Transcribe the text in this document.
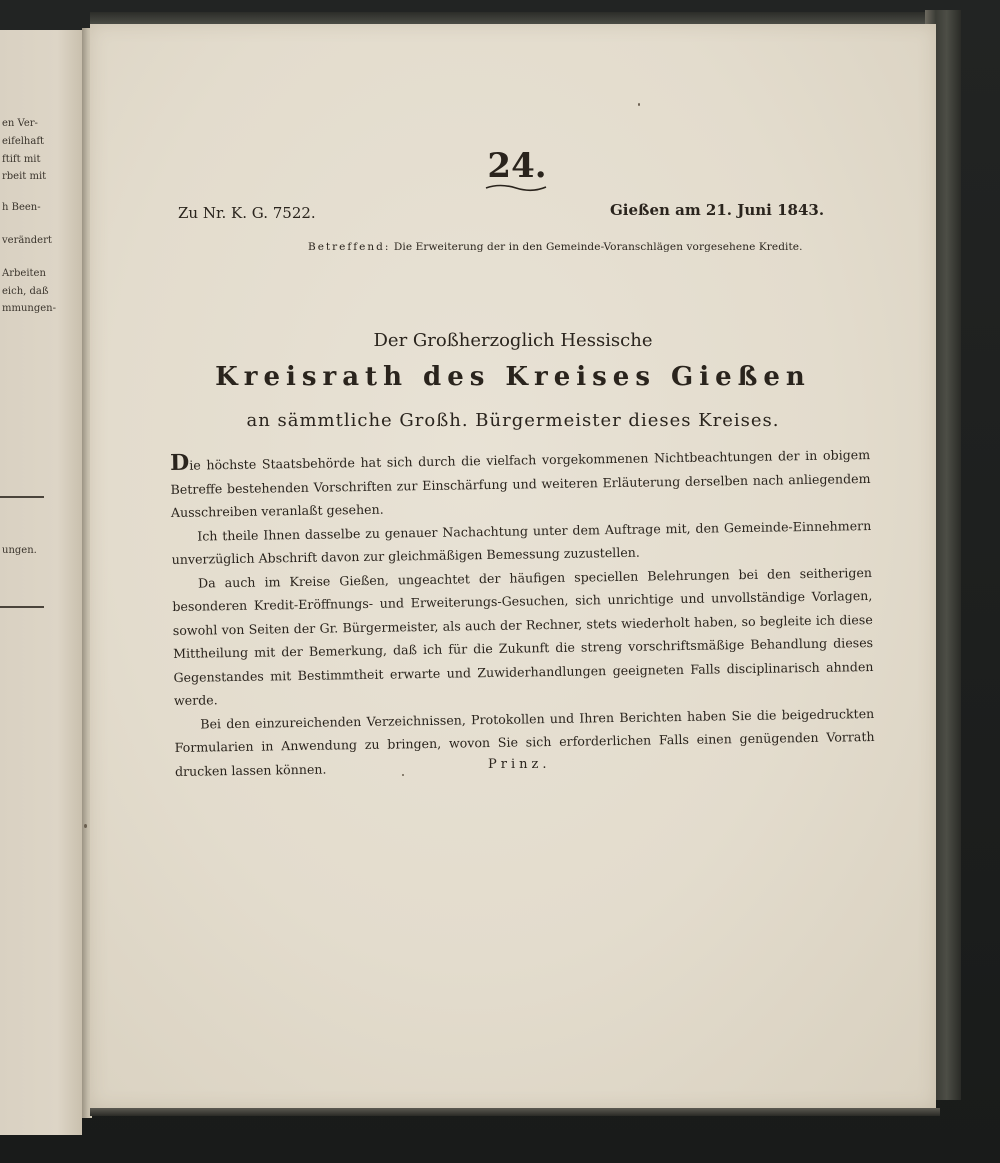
en Ver-
eifelhaft
ftift mit
rbeit mit
h Been-
verändert
Arbeiten
eich, daß
mmungen-
ungen.
24.
Zu Nr. K. G. 7522.	Gießen am 21. Juni 1843.
Betreffend: Die Erweiterung der in den Gemeinde-Voranschlägen vorgesehene Kredite.
Der Großherzoglich Hessische
Kreisrath des Kreises Gießen
an sämmtliche Großh. Bürgermeister dieses Kreises.

Die höchste Staatsbehörde hat sich durch die vielfach vorgekommenen Nichtbeachtungen der in obigem Betreffe bestehenden Vorschriften zur Einschärfung und weiteren Erläuterung derselben nach anliegendem Ausschreiben veranlaßt gesehen.

Ich theile Ihnen dasselbe zu genauer Nachachtung unter dem Auftrage mit, den Gemeinde-Einnehmern unverzüglich Abschrift davon zur gleichmäßigen Bemessung zuzustellen.

Da auch im Kreise Gießen, ungeachtet der häufigen speciellen Belehrungen bei den seitherigen besonderen Kredit-Eröffnungs- und Erweiterungs-Gesuchen, sich unrichtige und unvollständige Vorlagen, sowohl von Seiten der Gr. Bürgermeister, als auch der Rechner, stets wiederholt haben, so begleite ich diese Mittheilung mit der Bemerkung, daß ich für die Zukunft die streng vorschriftsmäßige Behandlung dieses Gegenstandes mit Bestimmtheit erwarte und Zuwiderhandlungen geeigneten Falls disciplinarisch ahnden werde.

Bei den einzureichenden Verzeichnissen, Protokollen und Ihren Berichten haben Sie die beigedruckten Formularien in Anwendung zu bringen, wovon Sie sich erforderlichen Falls einen genügenden Vorrath drucken lassen können.	Prinz.
